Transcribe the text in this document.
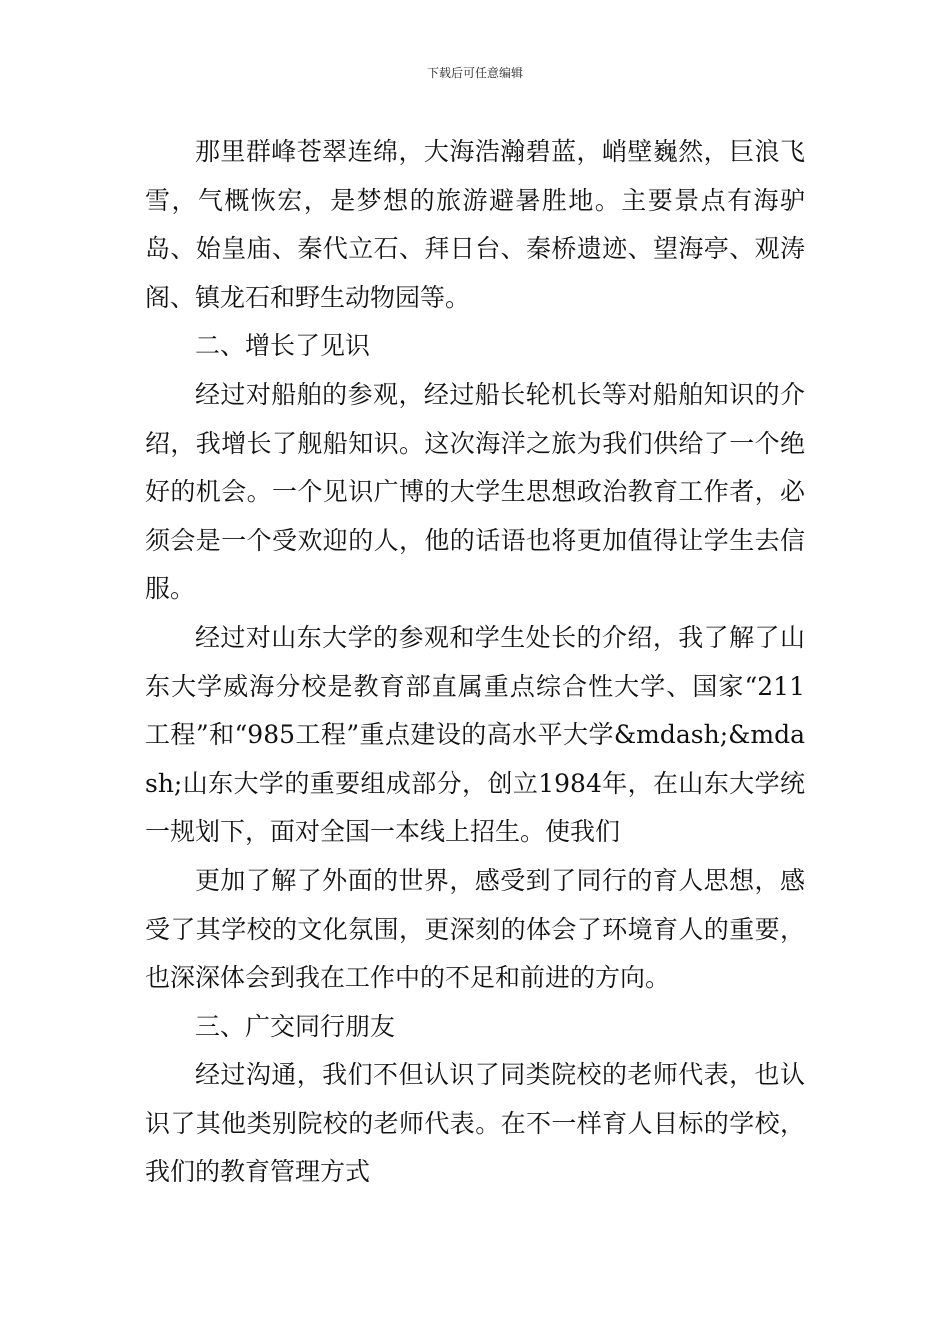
下载后可任意编辑

那里群峰苍翠连绵，大海浩瀚碧蓝，峭壁巍然，巨浪飞雪，气概恢宏，是梦想的旅游避暑胜地。主要景点有海驴岛、始皇庙、秦代立石、拜日台、秦桥遗迹、望海亭、观涛阁、镇龙石和野生动物园等。

二、增长了见识

经过对船舶的参观，经过船长轮机长等对船舶知识的介绍，我增长了舰船知识。这次海洋之旅为我们供给了一个绝好的机会。一个见识广博的大学生思想政治教育工作者，必须会是一个受欢迎的人，他的话语也将更加值得让学生去信服。

经过对山东大学的参观和学生处长的介绍，我了解了山东大学威海分校是教育部直属重点综合性大学、国家“211工程”和“985工程”重点建设的高水平大学&mdash;&mdash;山东大学的重要组成部分，创立1984年，在山东大学统一规划下，面对全国一本线上招生。使我们

更加了解了外面的世界，感受到了同行的育人思想，感受了其学校的文化氛围，更深刻的体会了环境育人的重要，也深深体会到我在工作中的不足和前进的方向。

三、广交同行朋友

经过沟通，我们不但认识了同类院校的老师代表，也认识了其他类别院校的老师代表。在不一样育人目标的学校，我们的教育管理方式
